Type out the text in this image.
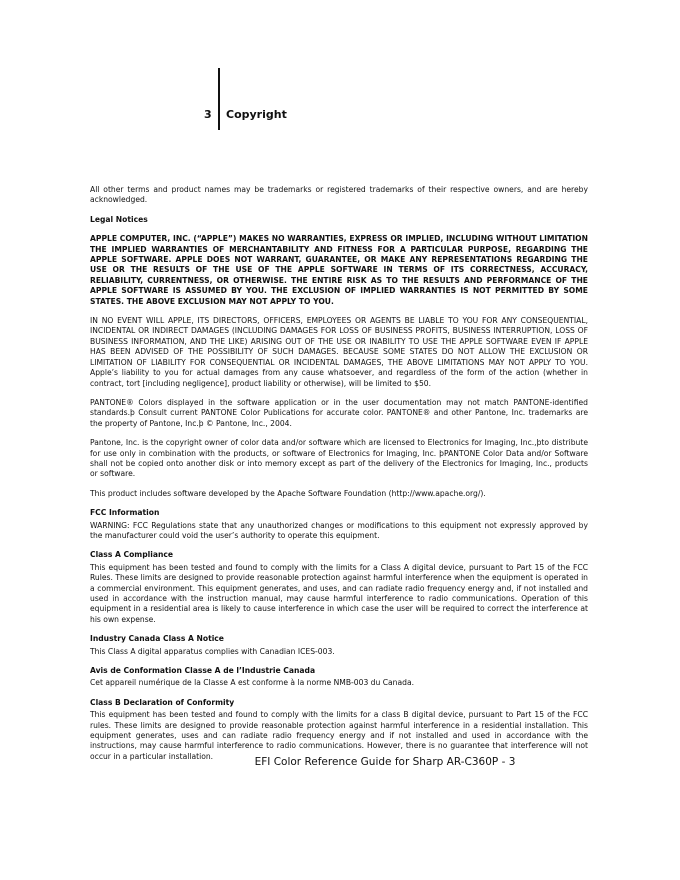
3 Copyright

All other terms and product names may be trademarks or registered trademarks of their respective owners, and are hereby acknowledged.

Legal Notices

APPLE COMPUTER, INC. (“APPLE”) MAKES NO WARRANTIES, EXPRESS OR IMPLIED, INCLUDING WITHOUT LIMITATION THE IMPLIED WARRANTIES OF MERCHANTABILITY AND FITNESS FOR A PARTICULAR PURPOSE, REGARDING THE APPLE SOFTWARE. APPLE DOES NOT WARRANT, GUARANTEE, OR MAKE ANY REPRESENTATIONS REGARDING THE USE OR THE RESULTS OF THE USE OF THE APPLE SOFTWARE IN TERMS OF ITS CORRECTNESS, ACCURACY, RELIABILITY, CURRENTNESS, OR OTHERWISE. THE ENTIRE RISK AS TO THE RESULTS AND PERFORMANCE OF THE APPLE SOFTWARE IS ASSUMED BY YOU. THE EXCLUSION OF IMPLIED WARRANTIES IS NOT PERMITTED BY SOME STATES. THE ABOVE EXCLUSION MAY NOT APPLY TO YOU.

IN NO EVENT WILL APPLE, ITS DIRECTORS, OFFICERS, EMPLOYEES OR AGENTS BE LIABLE TO YOU FOR ANY CONSEQUENTIAL, INCIDENTAL OR INDIRECT DAMAGES (INCLUDING DAMAGES FOR LOSS OF BUSINESS PROFITS, BUSINESS INTERRUPTION, LOSS OF BUSINESS INFORMATION, AND THE LIKE) ARISING OUT OF THE USE OR INABILITY TO USE THE APPLE SOFTWARE EVEN IF APPLE HAS BEEN ADVISED OF THE POSSIBILITY OF SUCH DAMAGES. BECAUSE SOME STATES DO NOT ALLOW THE EXCLUSION OR LIMITATION OF LIABILITY FOR CONSEQUENTIAL OR INCIDENTAL DAMAGES, THE ABOVE LIMITATIONS MAY NOT APPLY TO YOU. Apple’s liability to you for actual damages from any cause whatsoever, and regardless of the form of the action (whether in contract, tort [including negligence], product liability or otherwise), will be limited to $50.

PANTONE® Colors displayed in the software application or in the user documentation may not match PANTONE-identified standards.þ Consult current PANTONE Color Publications for accurate color. PANTONE® and other Pantone, Inc. trademarks are the property of Pantone, Inc.þ © Pantone, Inc., 2004.

Pantone, Inc. is the copyright owner of color data and/or software which are licensed to Electronics for Imaging, Inc.,þto distribute for use only in combination with the products, or software of Electronics for Imaging, Inc. þPANTONE Color Data and/or Software shall not be copied onto another disk or into memory except as part of the delivery of the Electronics for Imaging, Inc., products or software.

This product includes software developed by the Apache Software Foundation (http://www.apache.org/).

FCC Information

WARNING: FCC Regulations state that any unauthorized changes or modifications to this equipment not expressly approved by the manufacturer could void the user’s authority to operate this equipment.

Class A Compliance

This equipment has been tested and found to comply with the limits for a Class A digital device, pursuant to Part 15 of the FCC Rules. These limits are designed to provide reasonable protection against harmful interference when the equipment is operated in a commercial environment. This equipment generates, and uses, and can radiate radio frequency energy and, if not installed and used in accordance with the instruction manual, may cause harmful interference to radio communications. Operation of this equipment in a residential area is likely to cause interference in which case the user will be required to correct the interference at his own expense.

Industry Canada Class A Notice

This Class A digital apparatus complies with Canadian ICES-003.

Avis de Conformation Classe A de l’Industrie Canada

Cet appareil numérique de la Classe A est conforme à la norme NMB-003 du Canada.

Class B Declaration of Conformity

This equipment has been tested and found to comply with the limits for a class B digital device, pursuant to Part 15 of the FCC rules. These limits are designed to provide reasonable protection against harmful interference in a residential installation. This equipment generates, uses and can radiate radio frequency energy and if not installed and used in accordance with the instructions, may cause harmful interference to radio communications. However, there is no guarantee that interference will not occur in a particular installation.	EFI Color Reference Guide for Sharp AR-C360P - 3
